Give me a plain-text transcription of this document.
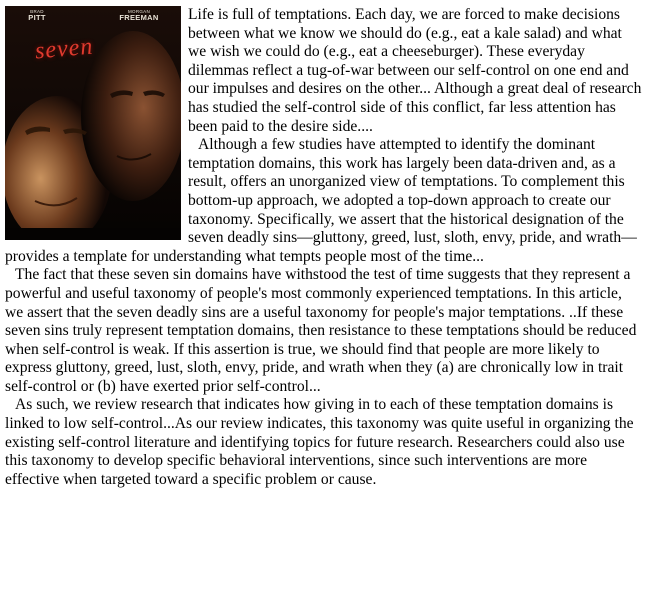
BRAD
PITT
MORGAN
FREEMAN
seven

Life is full of temptations. Each day, we are forced to make decisions between what we know we should do (e.g., eat a kale salad) and what we wish we could do (e.g., eat a cheeseburger). These everyday dilemmas reflect a tug-of-war between our self-control on one end and our impulses and desires on the other... Although a great deal of research has studied the self-control side of this conflict, far less attention has been paid to the desire side....

Although a few studies have attempted to identify the dominant temptation domains, this work has largely been data-driven and, as a result, offers an unorganized view of temptations. To complement this bottom-up approach, we adopted a top-down approach to create our taxonomy. Specifically, we assert that the historical designation of the seven deadly sins—gluttony, greed, lust, sloth, envy, pride, and wrath—provides a template for understanding what tempts people most of the time...

The fact that these seven sin domains have withstood the test of time suggests that they represent a powerful and useful taxonomy of people's most commonly experienced temptations. In this article, we assert that the seven deadly sins are a useful taxonomy for people's major temptations. ..If these seven sins truly represent temptation domains, then resistance to these temptations should be reduced when self-control is weak. If this assertion is true, we should find that people are more likely to express gluttony, greed, lust, sloth, envy, pride, and wrath when they (a) are chronically low in trait self-control or (b) have exerted prior self-control...

As such, we review research that indicates how giving in to each of these temptation domains is linked to low self-control...As our review indicates, this taxonomy was quite useful in organizing the existing self-control literature and identifying topics for future research. Researchers could also use this taxonomy to develop specific behavioral interventions, since such interventions are more effective when targeted toward a specific problem or cause.
